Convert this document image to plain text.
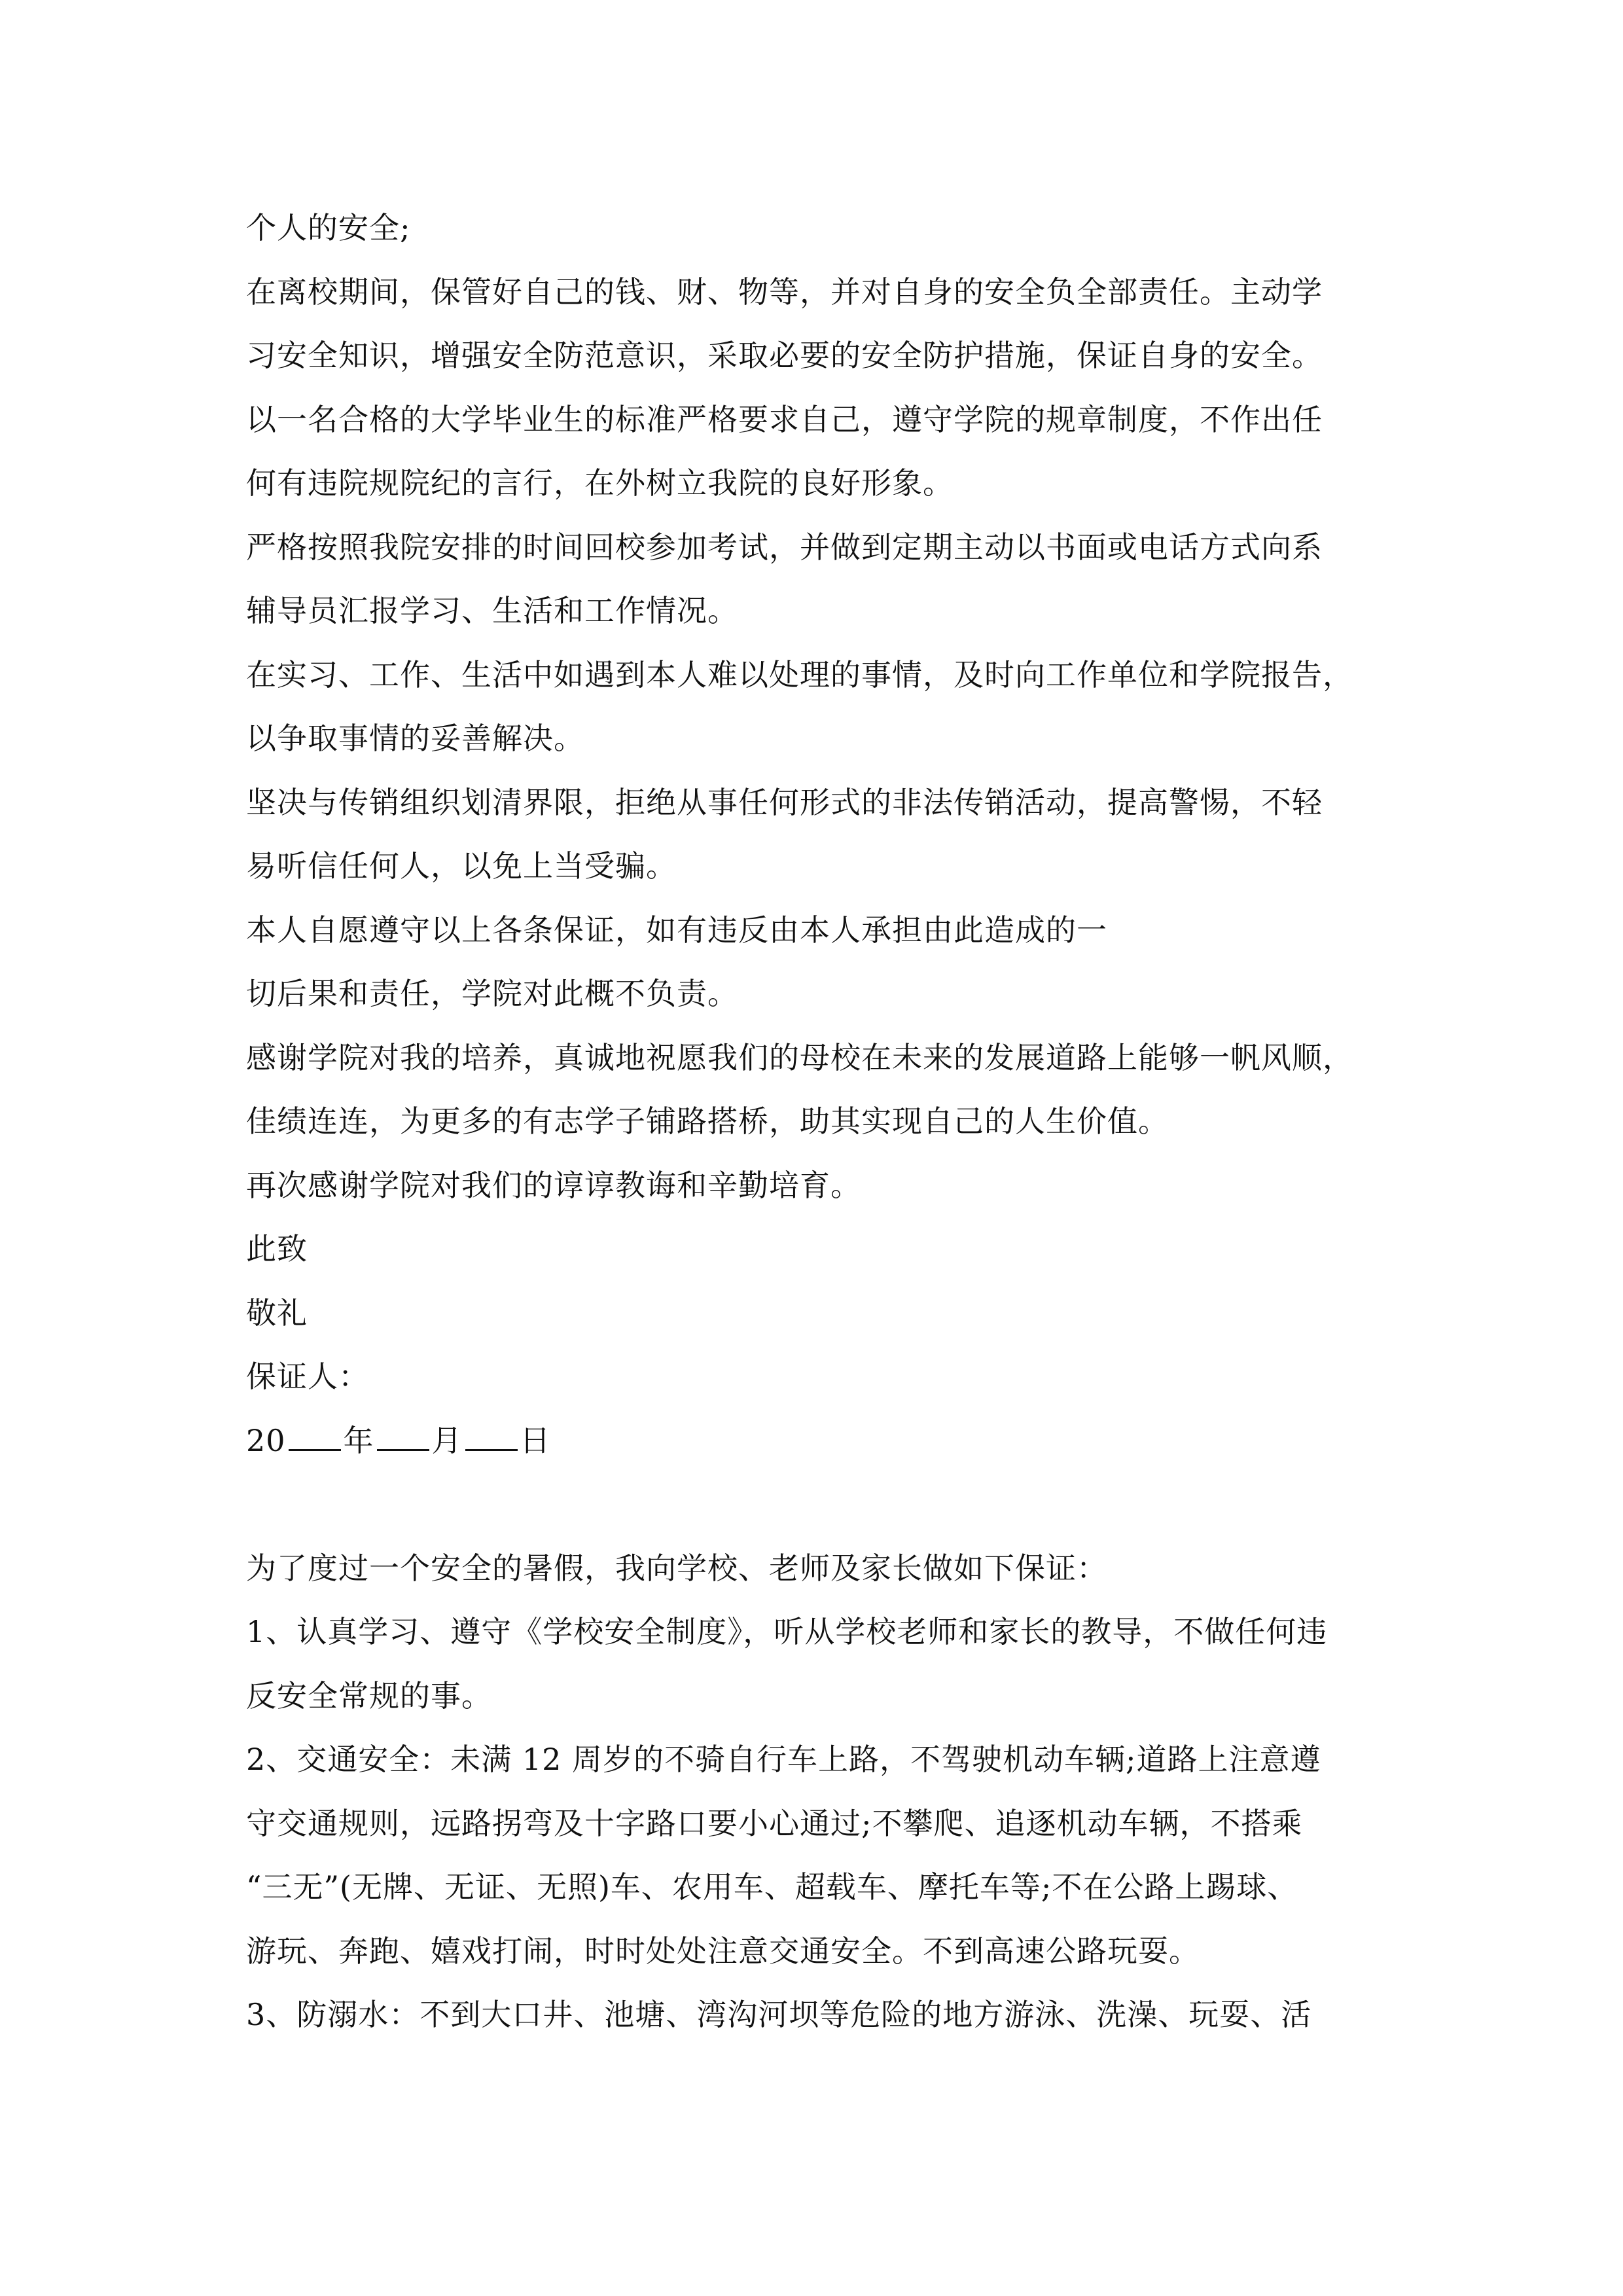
个人的安全;
在离校期间，保管好自己的钱、财、物等，并对自身的安全负全部责任。主动学
习安全知识，增强安全防范意识，采取必要的安全防护措施，保证自身的安全。
以一名合格的大学毕业生的标准严格要求自己，遵守学院的规章制度，不作出任
何有违院规院纪的言行，在外树立我院的良好形象。
严格按照我院安排的时间回校参加考试，并做到定期主动以书面或电话方式向系
辅导员汇报学习、生活和工作情况。
在实习、工作、生活中如遇到本人难以处理的事情，及时向工作单位和学院报告，
以争取事情的妥善解决。
坚决与传销组织划清界限，拒绝从事任何形式的非法传销活动，提高警惕，不轻
易听信任何人，以免上当受骗。
本人自愿遵守以上各条保证，如有违反由本人承担由此造成的一
切后果和责任，学院对此概不负责。
感谢学院对我的培养，真诚地祝愿我们的母校在未来的发展道路上能够一帆风顺，
佳绩连连，为更多的有志学子铺路搭桥，助其实现自己的人生价值。
再次感谢学院对我们的谆谆教诲和辛勤培育。
此致
敬礼
保证人：
20 年 月 日
为了度过一个安全的暑假，我向学校、老师及家长做如下保证：
1、认真学习、遵守《学校安全制度》，听从学校老师和家长的教导，不做任何违
反安全常规的事。
2、交通安全：未满 12 周岁的不骑自行车上路，不驾驶机动车辆;道路上注意遵
守交通规则，远路拐弯及十字路口要小心通过;不攀爬、追逐机动车辆，不搭乘
“三无”(无牌、无证、无照)车、农用车、超载车、摩托车等;不在公路上踢球、
游玩、奔跑、嬉戏打闹，时时处处注意交通安全。不到高速公路玩耍。
3、防溺水：不到大口井、池塘、湾沟河坝等危险的地方游泳、洗澡、玩耍、活
